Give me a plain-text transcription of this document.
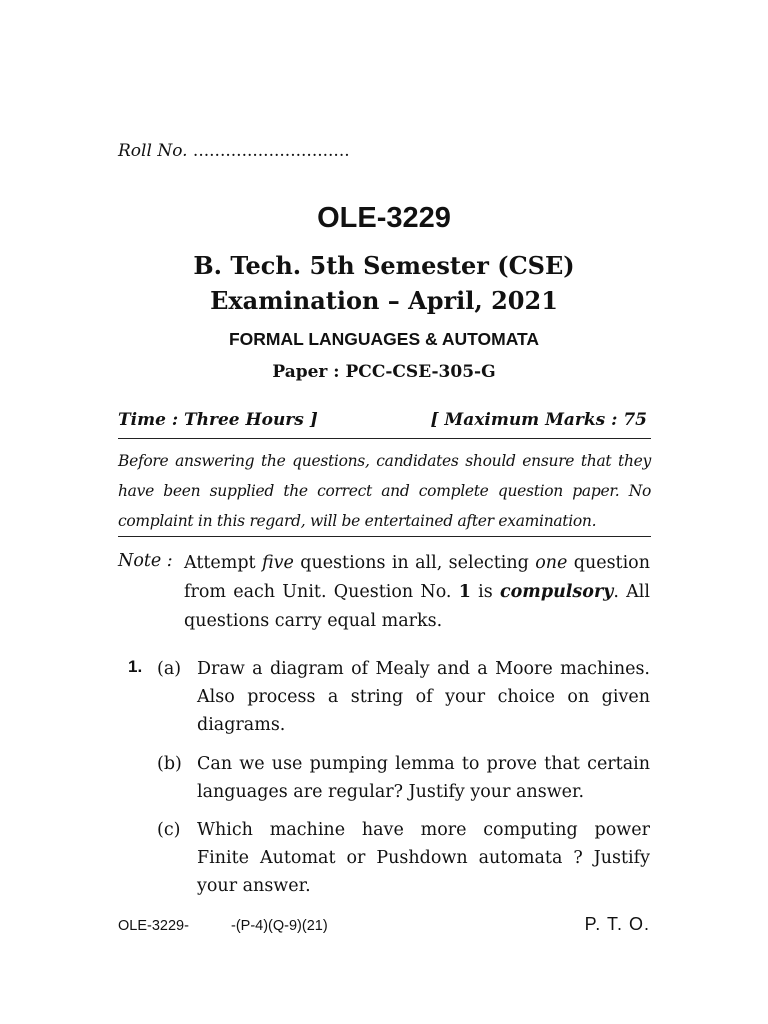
Roll No. .............................
OLE-3229
B. Tech. 5th Semester (CSE)
Examination – April, 2021
FORMAL LANGUAGES & AUTOMATA
Paper : PCC-CSE-305-G
Time : Three Hours ]	[ Maximum Marks : 75
Before answering the questions, candidates should ensure that they have been supplied the correct and complete question paper. No complaint in this regard, will be entertained after examination.
Note : Attempt five questions in all, selecting one question from each Unit. Question No. 1 is compulsory. All questions carry equal marks.
1. (a) Draw a diagram of Mealy and a Moore machines. Also process a string of your choice on given diagrams.
(b) Can we use pumping lemma to prove that certain languages are regular? Justify your answer.
(c) Which machine have more computing power Finite Automat or Pushdown automata ? Justify your answer.
OLE-3229-	-(P-4)(Q-9)(21)	P. T. O.
